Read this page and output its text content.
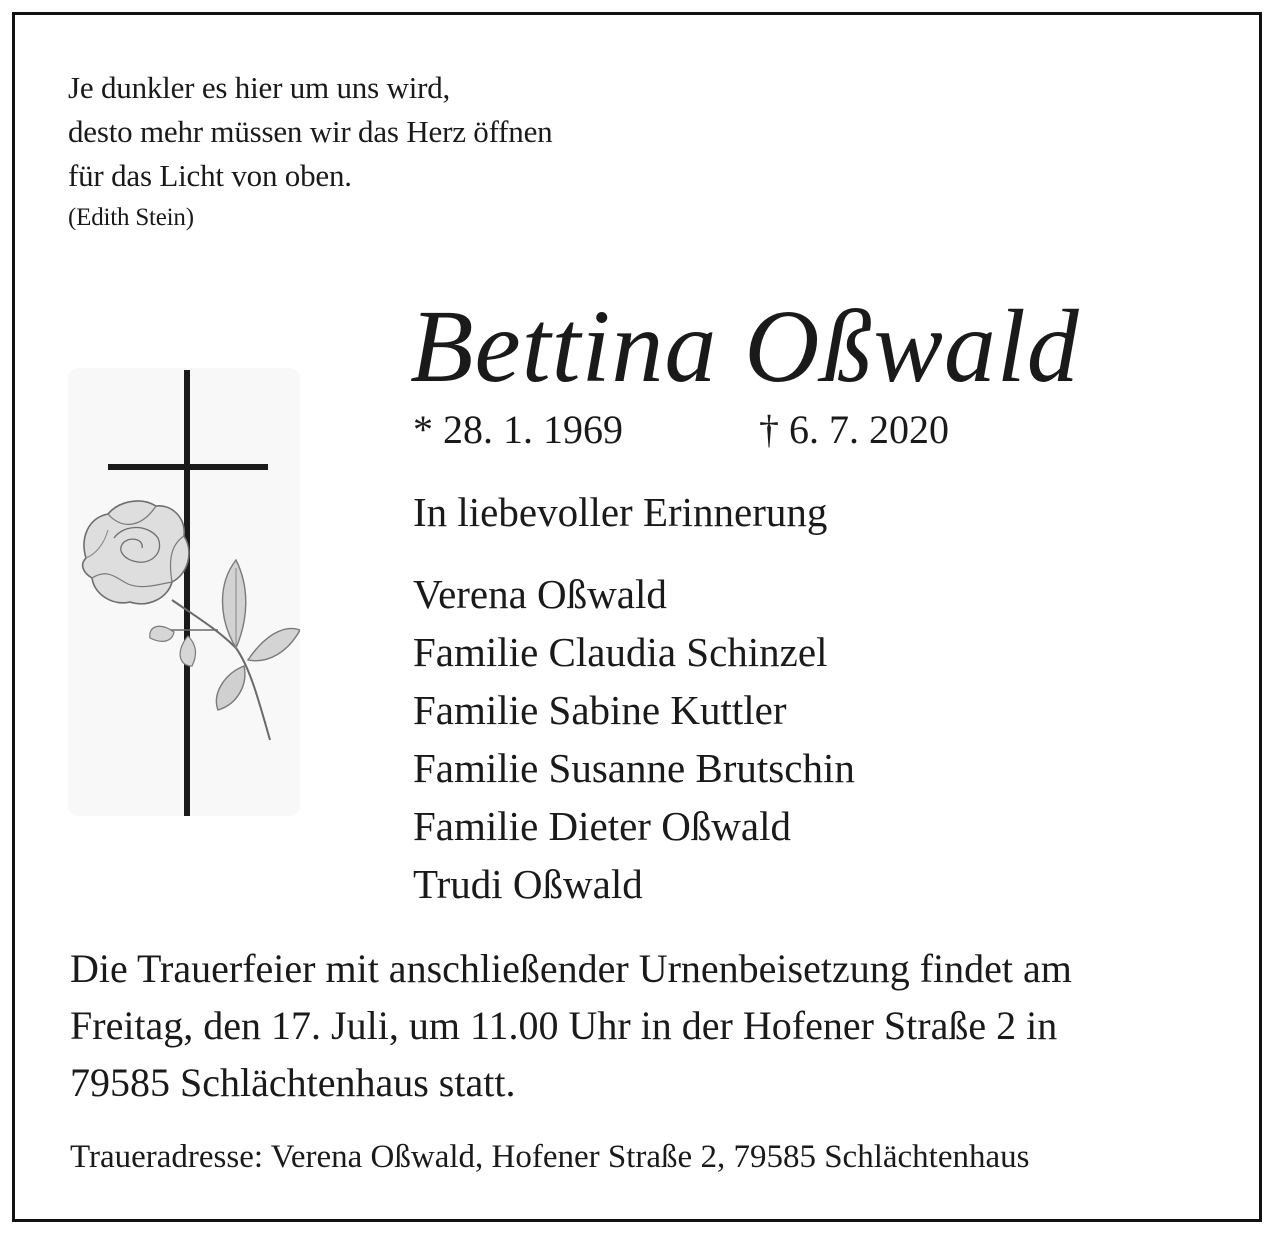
Je dunkler es hier um uns wird,
desto mehr müssen wir das Herz öffnen
für das Licht von oben.
(Edith Stein)
Bettina Oßwald
* 28. 1. 1969	† 6. 7. 2020
In liebevoller Erinnerung
Verena Oßwald
Familie Claudia Schinzel
Familie Sabine Kuttler
Familie Susanne Brutschin
Familie Dieter Oßwald
Trudi Oßwald
Die Trauerfeier mit anschließender Urnenbeisetzung findet am
Freitag, den 17. Juli, um 11.00 Uhr in der Hofener Straße 2 in
79585 Schlächtenhaus statt.
Traueradresse: Verena Oßwald, Hofener Straße 2, 79585 Schlächtenhaus
